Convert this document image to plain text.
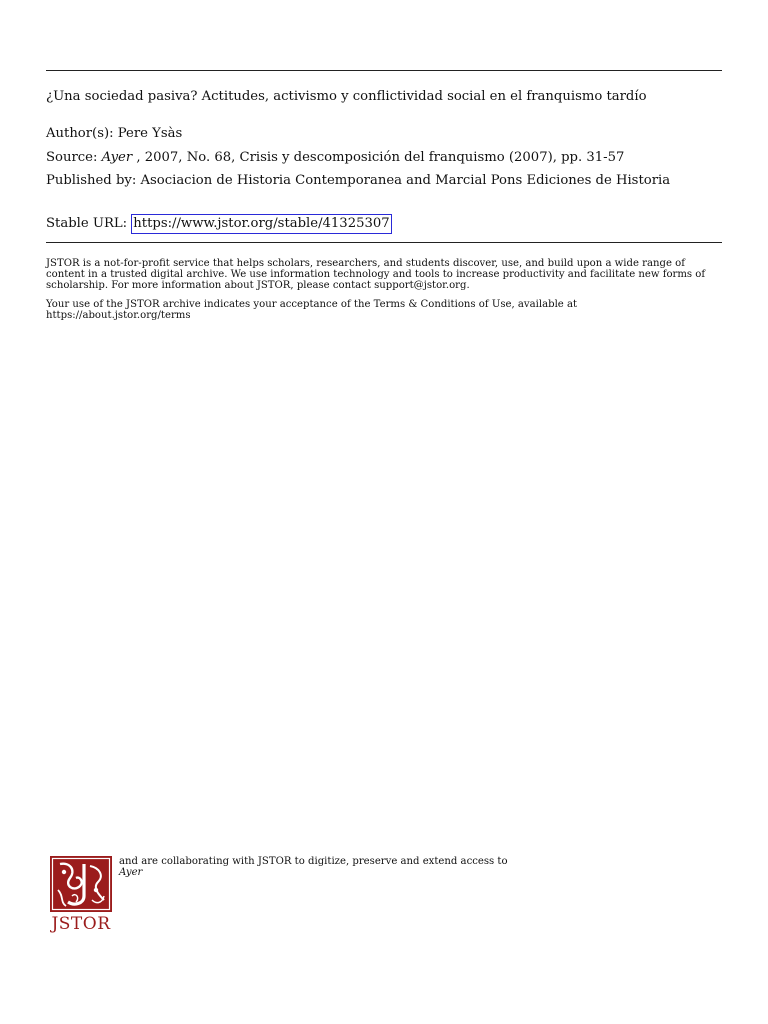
¿Una sociedad pasiva? Actitudes, activismo y conflictividad social en el franquismo tardío

Author(s): Pere Ysàs

Source: Ayer , 2007, No. 68, Crisis y descomposición del franquismo (2007), pp. 31-57

Published by: Asociacion de Historia Contemporanea and Marcial Pons Ediciones de Historia

Stable URL: https://www.jstor.org/stable/41325307

JSTOR is a not-for-profit service that helps scholars, researchers, and students discover, use, and build upon a wide range of content in a trusted digital archive. We use information technology and tools to increase productivity and facilitate new forms of scholarship. For more information about JSTOR, please contact support@jstor.org.

Your use of the JSTOR archive indicates your acceptance of the Terms & Conditions of Use, available at https://about.jstor.org/terms

JSTOR
and are collaborating with JSTOR to digitize, preserve and extend access to
Ayer
